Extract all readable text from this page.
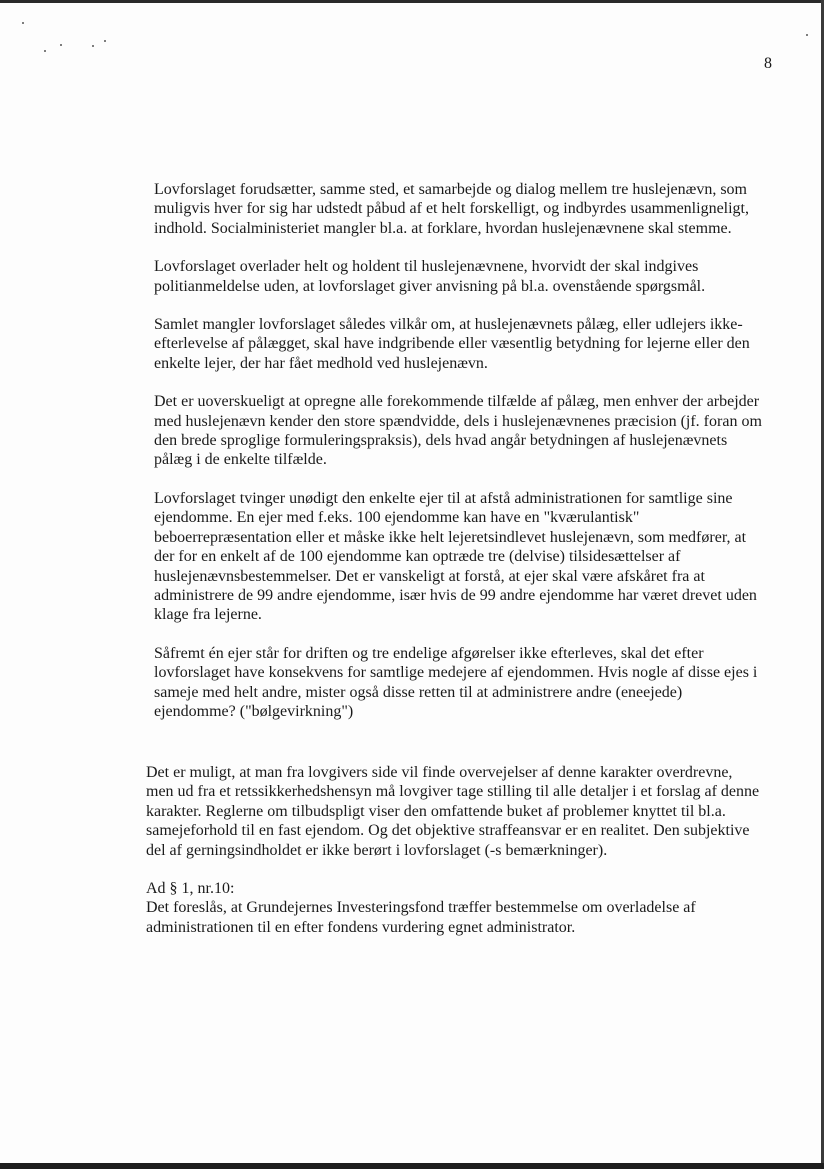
8

Lovforslaget forudsætter, samme sted, et samarbejde og dialog mellem tre huslejenævn, som muligvis hver for sig har udstedt påbud af et helt forskelligt, og indbyrdes usammenligneligt, indhold. Socialministeriet mangler bl.a. at forklare, hvordan huslejenævnene skal stemme.

Lovforslaget overlader helt og holdent til huslejenævnene, hvorvidt der skal indgives politianmeldelse uden, at lovforslaget giver anvisning på bl.a. ovenstående spørgsmål.

Samlet mangler lovforslaget således vilkår om, at huslejenævnets pålæg, eller udlejers ikke-efterlevelse af pålægget, skal have indgribende eller væsentlig betydning for lejerne eller den enkelte lejer, der har fået medhold ved huslejenævn.

Det er uoverskueligt at opregne alle forekommende tilfælde af pålæg, men enhver der arbejder med huslejenævn kender den store spændvidde, dels i huslejenævnenes præcision (jf. foran om den brede sproglige formuleringspraksis), dels hvad angår betydningen af huslejenævnets pålæg i de enkelte tilfælde.

Lovforslaget tvinger unødigt den enkelte ejer til at afstå administrationen for samtlige sine ejendomme. En ejer med f.eks. 100 ejendomme kan have en "kværulantisk" beboerrepræsentation eller et måske ikke helt lejeretsindlevet huslejenævn, som medfører, at der for en enkelt af de 100 ejendomme kan optræde tre (delvise) tilsidesættelser af huslejenævnsbestemmelser. Det er vanskeligt at forstå, at ejer skal være afskåret fra at administrere de 99 andre ejendomme, især hvis de 99 andre ejendomme har været drevet uden klage fra lejerne.

Såfremt én ejer står for driften og tre endelige afgørelser ikke efterleves, skal det efter lovforslaget have konsekvens for samtlige medejere af ejendommen. Hvis nogle af disse ejes i sameje med helt andre, mister også disse retten til at administrere andre (eneejede) ejendomme? ("bølgevirkning")

Det er muligt, at man fra lovgivers side vil finde overvejelser af denne karakter overdrevne, men ud fra et retssikkerhedshensyn må lovgiver tage stilling til alle detaljer i et forslag af denne karakter. Reglerne om tilbudspligt viser den omfattende buket af problemer knyttet til bl.a. samejeforhold til en fast ejendom. Og det objektive straffeansvar er en realitet. Den subjektive del af gerningsindholdet er ikke berørt i lovforslaget (-s bemærkninger).

Ad § 1, nr.10:

Det foreslås, at Grundejernes Investeringsfond træffer bestemmelse om overladelse af administrationen til en efter fondens vurdering egnet administrator.
